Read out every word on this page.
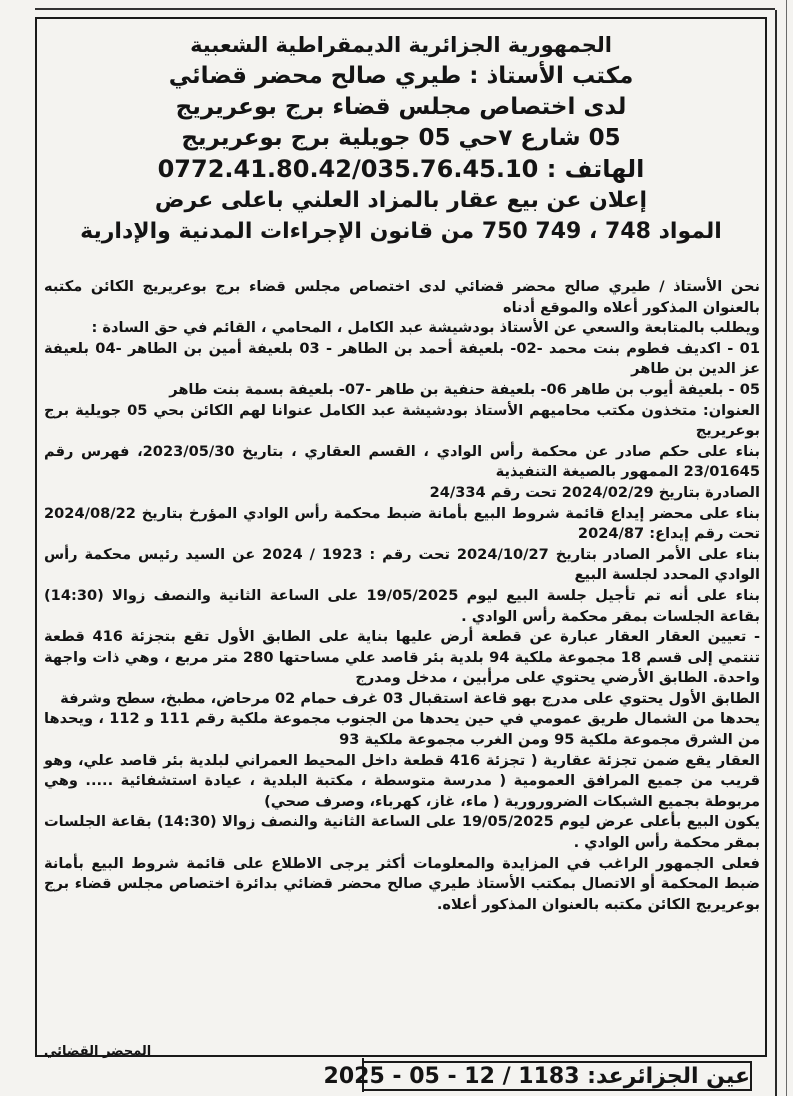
الجمهورية الجزائرية الديمقراطية الشعبية
مكتب الأستاذ : طيري صالح محضر قضائي
لدى اختصاص مجلس قضاء برج بوعريريج
05 شارع ٧حي 05 جويلية برج بوعريريج
الهاتف : 0772.41.80.42/035.76.45.10
إعلان عن بيع عقار بالمزاد العلني باعلى عرض
المواد 748 ، 749 750 من قانون الإجراءات المدنية والإدارية

نحن الأستاذ / طيري صالح محضر قضائي لدى اختصاص مجلس قضاء برج بوعريريج الكائن مكتبه بالعنوان المذكور أعلاه والموقع أدناه

ويطلب بالمتابعة والسعي عن الأستاذ بودشيشة عبد الكامل ، المحامي ، القائم في حق السادة :

01 - اكديف فطوم بنت محمد -02- بلعيفة أحمد بن الطاهر - 03 بلعيفة أمين بن الطاهر -04 بلعيفة عز الدين بن طاهر

05 - بلعيفة أيوب بن طاهر 06- بلعيفة حنفية بن طاهر -07- بلعيفة بسمة بنت طاهر

العنوان: متخذون مكتب محاميهم الأستاذ بودشيشة عبد الكامل عنوانا لهم الكائن بحي 05 جويلية برج بوعريريج

بناء على حكم صادر عن محكمة رأس الوادي ، القسم العقاري ، بتاريخ 2023/05/30، فهرس رقم 23/01645 الممهور بالصيغة التنفيذية

الصادرة بتاريخ 2024/02/29 تحت رقم 24/334

بناء على محضر إيداع قائمة شروط البيع بأمانة ضبط محكمة رأس الوادي المؤرخ بتاريخ 2024/08/22 تحت رقم إيداع: 2024/87

بناء على الأمر الصادر بتاريخ 2024/10/27 تحت رقم : 1923 / 2024 عن السيد رئيس محكمة رأس الوادي المحدد لجلسة البيع

بناء على أنه تم تأجيل جلسة البيع ليوم 19/05/2025 على الساعة الثانية والنصف زوالا (14:30) بقاعة الجلسات بمقر محكمة رأس الوادي .

- تعيين العقار العقار عبارة عن قطعة أرض عليها بناية على الطابق الأول تقع بتجزئة 416 قطعة تنتمي إلى قسم 18 مجموعة ملكية 94 بلدية بئر قاصد علي مساحتها 280 متر مربع ، وهي ذات واجهة واحدة. الطابق الأرضي يحتوي على مرأبين ، مدخل ومدرج

الطابق الأول يحتوي على مدرج بهو قاعة استقبال 03 غرف حمام 02 مرحاض، مطبخ، سطح وشرفة

يحدها من الشمال طريق عمومي في حين يحدها من الجنوب مجموعة ملكية رقم 111 و 112 ، ويحدها من الشرق مجموعة ملكية 95 ومن الغرب مجموعة ملكية 93

العقار يقع ضمن تجزئة عقارية ( تجزئة 416 قطعة داخل المحيط العمراني لبلدية بئر قاصد علي، وهو قريب من جميع المرافق العمومية ( مدرسة متوسطة ، مكتبة البلدية ، عيادة استشفائية ..... وهي مربوطة بجميع الشبكات الضرورورية ( ماء، غاز، كهرباء، وصرف صحي)

يكون البيع بأعلى عرض ليوم 19/05/2025 على الساعة الثانية والنصف زوالا (14:30) بقاعة الجلسات بمقر محكمة رأس الوادي .

فعلى الجمهور الراغب في المزايدة والمعلومات أكثر يرجى الاطلاع على قائمة شروط البيع بأمانة ضبط المحكمة أو الاتصال بمكتب الأستاذ طيري صالح محضر قضائي بدائرة اختصاص مجلس قضاء برج بوعريريج الكائن مكتبه بالعنوان المذكور أعلاه.

المحضر القضائي
عين الجزائرعد: 1183 / 12 - 05 - 2025
